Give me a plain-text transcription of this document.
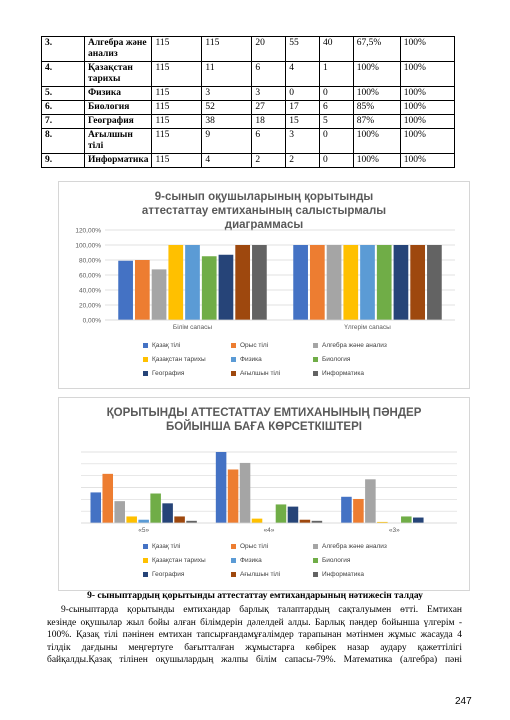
3.	Алгебра және анализ	115	115	20	55	40	67,5%	100%
4.	Қазақстан тарихы	115	11	6	4	1	100%	100%
5.	Физика	115	3	3	0	0	100%	100%
6.	Биология	115	52	27	17	6	85%	100%
7.	География	115	38	18	15	5	87%	100%
8.	Ағылшын тілі	115	9	6	3	0	100%	100%
9.	Информатика	115	4	2	2	0	100%	100%
9-сынып оқушыларының қорытынды аттестаттау емтиханының салыстырмалы диаграммасы
0,00%
20,00%
40,00%
60,00%
80,00%
100,00%
120,00%
Білім сапасы	Үлгерім сапасы
Қазақ тілі	Орыс тілі	Алгебра және анализ
Қазақстан тарихы	Физика	Биология
География	Ағылшын тілі	Информатика
ҚОРЫТЫНДЫ АТТЕСТАТТАУ ЕМТИХАНЫНЫҢ ПӘНДЕР БОЙЫНША БАҒА КӨРСЕТКІШТЕРІ
«5»	«4»	«3»
Қазақ тілі	Орыс тілі	Алгебра және анализ
Қазақстан тарихы	Физика	Биология
География	Ағылшын тілі	Информатика
9- сыныптардың қорытынды аттестаттау емтихандарының нәтижесін талдау
9-сыныптарда қорытынды емтихандар барлық талаптардың сақталуымен өтті. Емтихан
кезінде оқушылар жыл бойы алған білімдерін дәлелдей алды. Барлық пәндер бойынша үлгерім -
100%. Қазақ тілі пәнінен емтихан тапсырғандамұғалімдер тарапынан мәтінмен жұмыс жасауда 4
тілдік дағдыны меңгертуге бағытталған жұмыстарға көбірек назар аудару қажеттілігі
байқалды.Қазақ тілінен оқушылардың жалпы білім сапасы-79%. Математика (алгебра) пәні
247
